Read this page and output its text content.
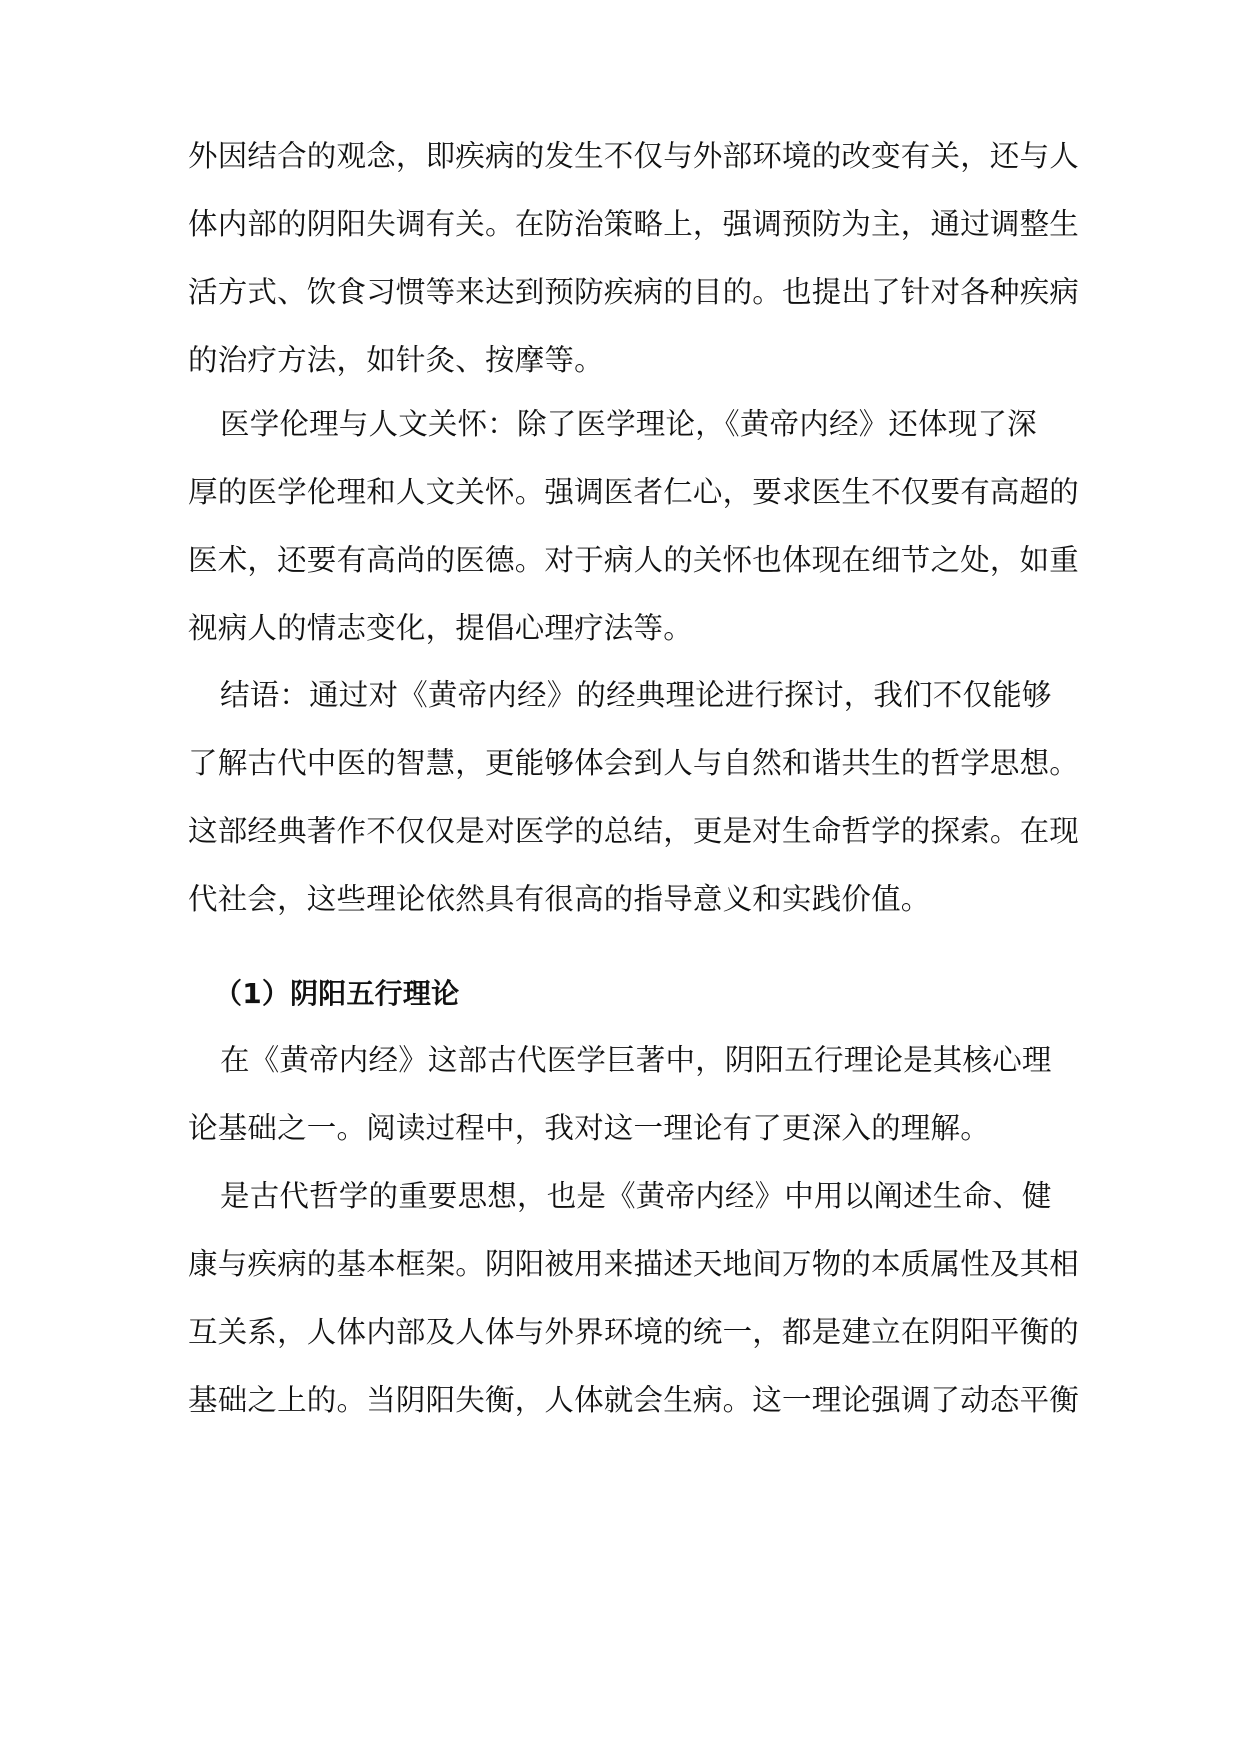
外因结合的观念，即疾病的发生不仅与外部环境的改变有关，还与人
体内部的阴阳失调有关。在防治策略上，强调预防为主，通过调整生
活方式、饮食习惯等来达到预防疾病的目的。也提出了针对各种疾病
的治疗方法，如针灸、按摩等。
医学伦理与人文关怀：除了医学理论，《黄帝内经》还体现了深
厚的医学伦理和人文关怀。强调医者仁心，要求医生不仅要有高超的
医术，还要有高尚的医德。对于病人的关怀也体现在细节之处，如重
视病人的情志变化，提倡心理疗法等。
结语：通过对《黄帝内经》的经典理论进行探讨，我们不仅能够
了解古代中医的智慧，更能够体会到人与自然和谐共生的哲学思想。
这部经典著作不仅仅是对医学的总结，更是对生命哲学的探索。在现
代社会，这些理论依然具有很高的指导意义和实践价值。
（1）阴阳五行理论
在《黄帝内经》这部古代医学巨著中，阴阳五行理论是其核心理
论基础之一。阅读过程中，我对这一理论有了更深入的理解。
是古代哲学的重要思想，也是《黄帝内经》中用以阐述生命、健
康与疾病的基本框架。阴阳被用来描述天地间万物的本质属性及其相
互关系，人体内部及人体与外界环境的统一，都是建立在阴阳平衡的
基础之上的。当阴阳失衡，人体就会生病。这一理论强调了动态平衡
